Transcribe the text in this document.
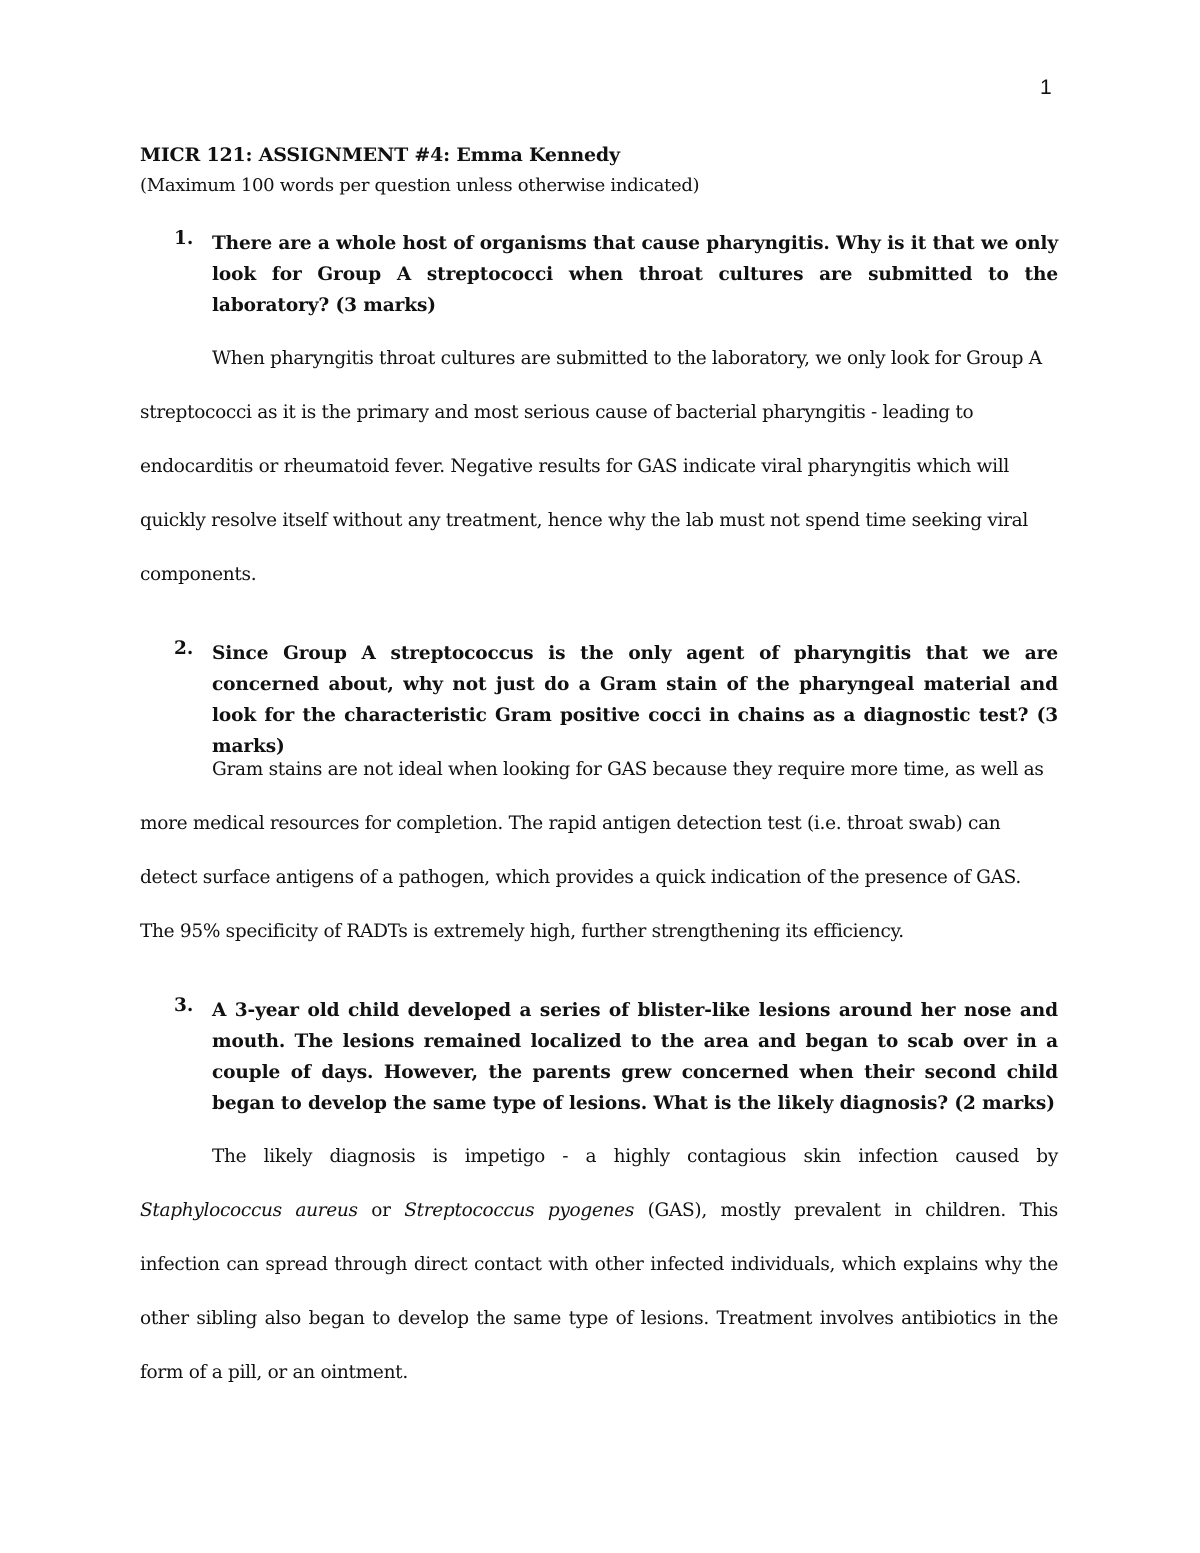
1
MICR 121: ASSIGNMENT #4: Emma Kennedy
(Maximum 100 words per question unless otherwise indicated)
1. There are a whole host of organisms that cause pharyngitis. Why is it that we only look for Group A streptococci when throat cultures are submitted to the laboratory? (3 marks)

When pharyngitis throat cultures are submitted to the laboratory, we only look for Group A streptococci as it is the primary and most serious cause of bacterial pharyngitis - leading to endocarditis or rheumatoid fever. Negative results for GAS indicate viral pharyngitis which will quickly resolve itself without any treatment, hence why the lab must not spend time seeking viral components.

2. Since Group A streptococcus is the only agent of pharyngitis that we are concerned about, why not just do a Gram stain of the pharyngeal material and look for the characteristic Gram positive cocci in chains as a diagnostic test? (3 marks)

Gram stains are not ideal when looking for GAS because they require more time, as well as more medical resources for completion. The rapid antigen detection test (i.e. throat swab) can detect surface antigens of a pathogen, which provides a quick indication of the presence of GAS. The 95% specificity of RADTs is extremely high, further strengthening its efficiency.

3. A 3-year old child developed a series of blister-like lesions around her nose and mouth. The lesions remained localized to the area and began to scab over in a couple of days. However, the parents grew concerned when their second child began to develop the same type of lesions. What is the likely diagnosis? (2 marks)

The likely diagnosis is impetigo - a highly contagious skin infection caused by Staphylococcus aureus or Streptococcus pyogenes (GAS), mostly prevalent in children. This infection can spread through direct contact with other infected individuals, which explains why the other sibling also began to develop the same type of lesions. Treatment involves antibiotics in the form of a pill, or an ointment.
